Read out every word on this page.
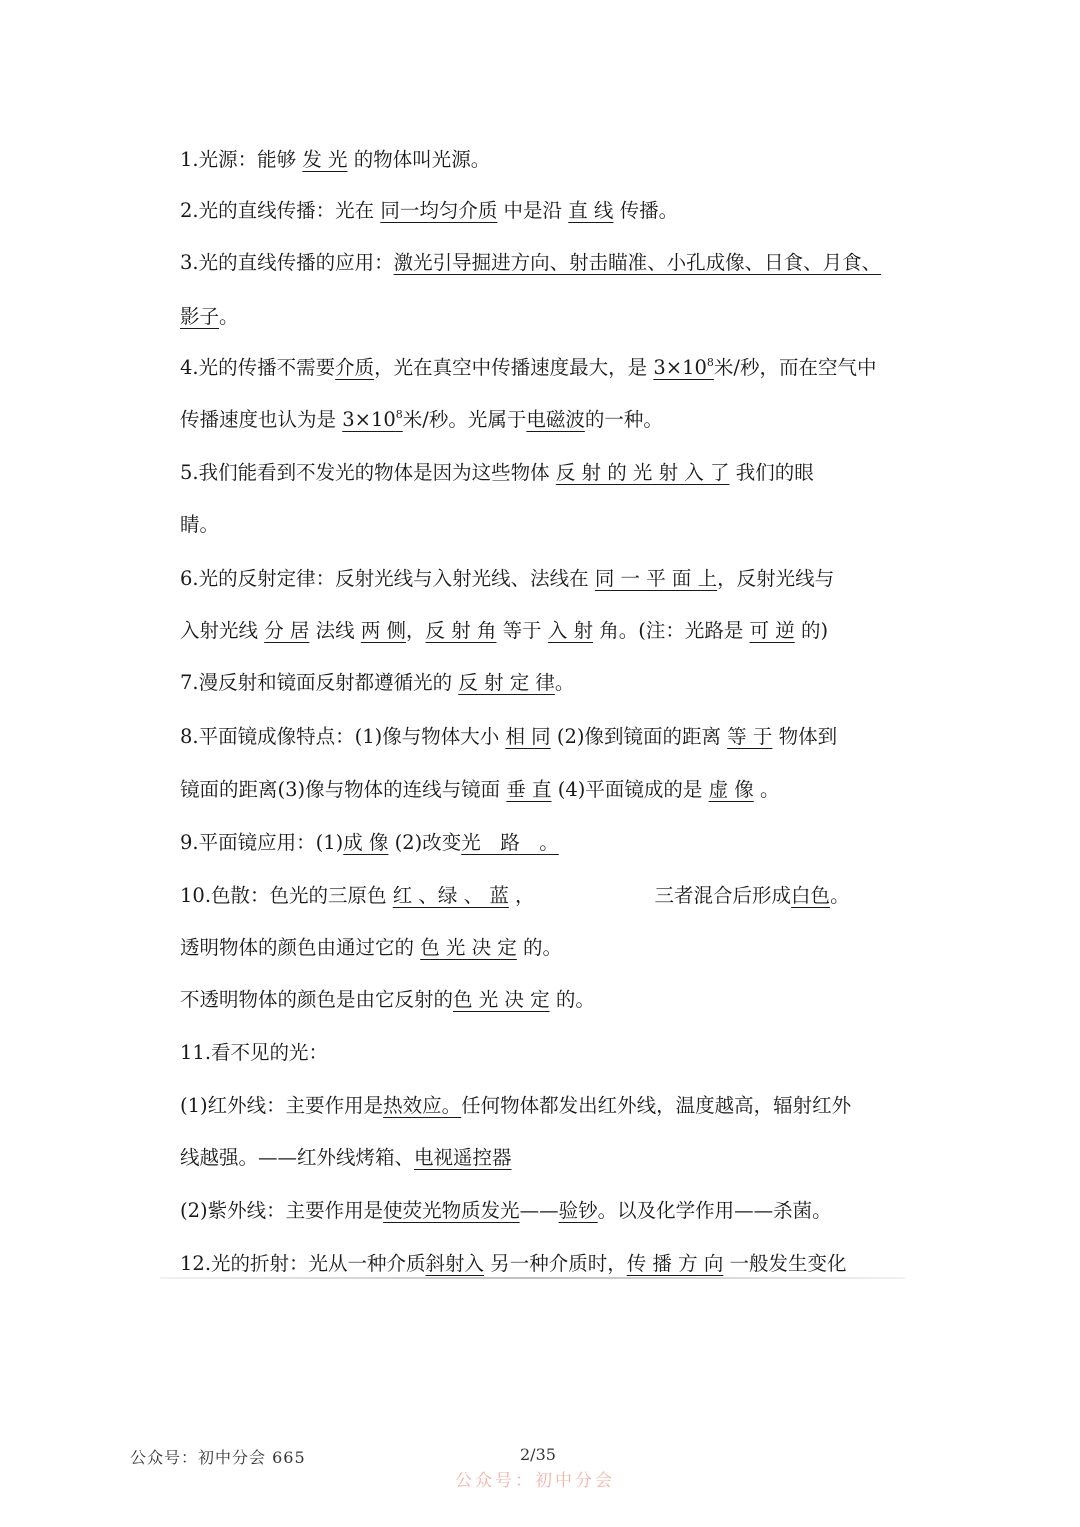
1.光源：能够 发 光 的物体叫光源。
2.光的直线传播：光在 同一均匀介质 中是沿 直 线 传播。
3.光的直线传播的应用：激光引导掘进方向、射击瞄准、小孔成像、日食、月食、
影子。
4.光的传播不需要介质，光在真空中传播速度最大，是 $3\times 10^8$米/秒，而在空气中
传播速度也认为是 $3\times 10^8$米/秒。光属于电磁波的一种。
5.我们能看到不发光的物体是因为这些物体 反 射 的 光 射 入 了 我们的眼
睛。
6.光的反射定律：反射光线与入射光线、法线在 同 一 平 面 上，反射光线与
入射光线 分 居 法线 两 侧，反 射 角 等于 入 射 角。(注：光路是 可 逆 的)
7.漫反射和镜面反射都遵循光的 反 射 定 律。
8.平面镜成像特点：(1)像与物体大小 相 同 (2)像到镜面的距离 等 于 物体到
镜面的距离(3)像与物体的连线与镜面 垂 直 (4)平面镜成的是 虚 像 。
9.平面镜应用：(1)成 像 (2)改变光　路　。
10.色散：色光的三原色 红 、绿 、 蓝 ，	三者混合后形成白色。
透明物体的颜色由通过它的 色 光 决 定 的。
不透明物体的颜色是由它反射的色 光 决 定 的。
11.看不见的光：
(1)红外线：主要作用是热效应。任何物体都发出红外线，温度越高，辐射红外
线越强。——红外线烤箱、电视遥控器
(2)紫外线：主要作用是使荧光物质发光——验钞。以及化学作用——杀菌。
12.光的折射：光从一种介质斜射入 另一种介质时，传 播 方 向 一般发生变化
公众号：初中分会 665	2/35
公众号：初中分会
